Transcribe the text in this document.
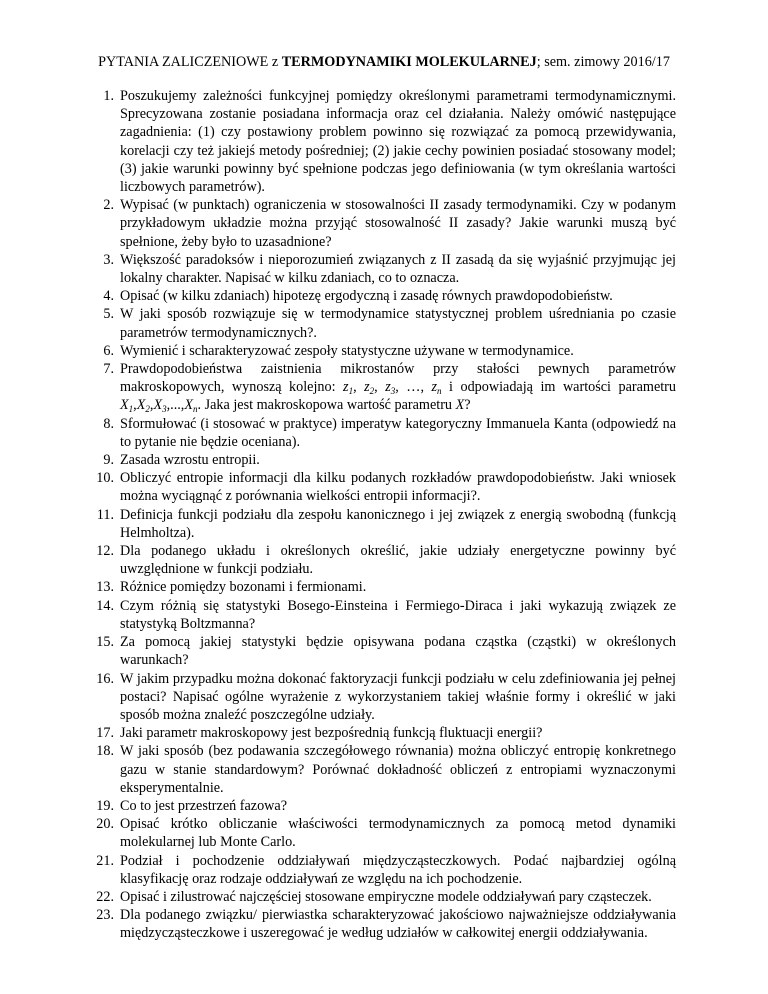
PYTANIA ZALICZENIOWE z TERMODYNAMIKI MOLEKULARNEJ; sem. zimowy 2016/17
1. Poszukujemy zależności funkcyjnej pomiędzy określonymi parametrami termodynamicznymi. Sprecyzowana zostanie posiadana informacja oraz cel działania. Należy omówić następujące zagadnienia: (1) czy postawiony problem powinno się rozwiązać za pomocą przewidywania, korelacji czy też jakiejś metody pośredniej; (2) jakie cechy powinien posiadać stosowany model; (3) jakie warunki powinny być spełnione podczas jego definiowania (w tym określania wartości liczbowych parametrów).
2. Wypisać (w punktach) ograniczenia w stosowalności II zasady termodynamiki. Czy w podanym przykładowym układzie można przyjąć stosowalność II zasady? Jakie warunki muszą być spełnione, żeby było to uzasadnione?
3. Większość paradoksów i nieporozumień związanych z II zasadą da się wyjaśnić przyjmując jej lokalny charakter. Napisać w kilku zdaniach, co to oznacza.
4. Opisać (w kilku zdaniach) hipotezę ergodyczną i zasadę równych prawdopodobieństw.
5. W jaki sposób rozwiązuje się w termodynamice statystycznej problem uśredniania po czasie parametrów termodynamicznych?.
6. Wymienić i scharakteryzować zespoły statystyczne używane w termodynamice.
7. Prawdopodobieństwa zaistnienia mikrostanów przy stałości pewnych parametrów makroskopowych, wynoszą kolejno: $z_1$, $z_2$, $z_3$, …, $z_n$ i odpowiadają im wartości parametru $X_1,X_2,X_3,...,X_n$. Jaka jest makroskopowa wartość parametru X?
8. Sformułować (i stosować w praktyce) imperatyw kategoryczny Immanuela Kanta (odpowiedź na to pytanie nie będzie oceniana).
9. Zasada wzrostu entropii.
10. Obliczyć entropie informacji dla kilku podanych rozkładów prawdopodobieństw. Jaki wniosek można wyciągnąć z porównania wielkości entropii informacji?.
11. Definicja funkcji podziału dla zespołu kanonicznego i jej związek z energią swobodną (funkcją Helmholtza).
12. Dla podanego układu i określonych określić, jakie udziały energetyczne powinny być uwzględnione w funkcji podziału.
13. Różnice pomiędzy bozonami i fermionami.
14. Czym różnią się statystyki Bosego-Einsteina i Fermiego-Diraca i jaki wykazują związek ze statystyką Boltzmanna?
15. Za pomocą jakiej statystyki będzie opisywana podana cząstka (cząstki) w określonych warunkach?
16. W jakim przypadku można dokonać faktoryzacji funkcji podziału w celu zdefiniowania jej pełnej postaci? Napisać ogólne wyrażenie z wykorzystaniem takiej właśnie formy i określić w jaki sposób można znaleźć poszczególne udziały.
17. Jaki parametr makroskopowy jest bezpośrednią funkcją fluktuacji energii?
18. W jaki sposób (bez podawania szczegółowego równania) można obliczyć entropię konkretnego gazu w stanie standardowym? Porównać dokładność obliczeń z entropiami wyznaczonymi eksperymentalnie.
19. Co to jest przestrzeń fazowa?
20. Opisać krótko obliczanie właściwości termodynamicznych za pomocą metod dynamiki molekularnej lub Monte Carlo.
21. Podział i pochodzenie oddziaływań międzycząsteczkowych. Podać najbardziej ogólną klasyfikację oraz rodzaje oddziaływań ze względu na ich pochodzenie.
22. Opisać i zilustrować najczęściej stosowane empiryczne modele oddziaływań pary cząsteczek.
23. Dla podanego związku/ pierwiastka scharakteryzować jakościowo najważniejsze oddziaływania międzycząsteczkowe i uszeregować je według udziałów w całkowitej energii oddziaływania.
